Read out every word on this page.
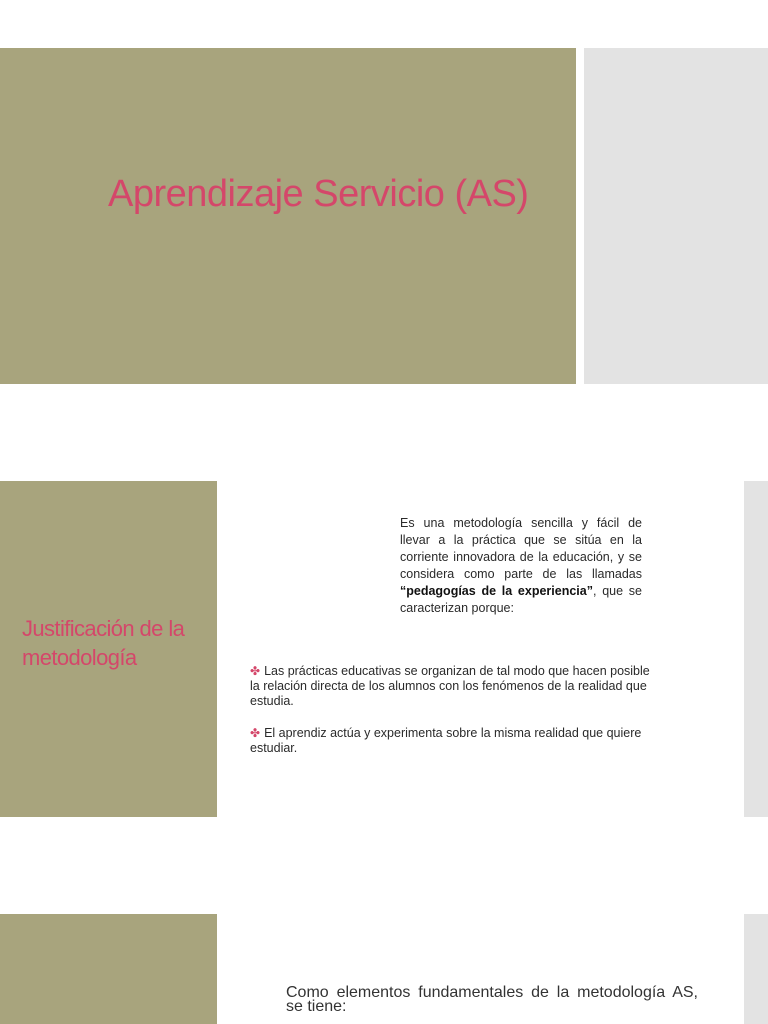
Aprendizaje Servicio (AS)
Justificación de la metodología
Es una metodología sencilla y fácil de llevar a la práctica que se sitúa en la corriente innovadora de la educación, y se considera como parte de las llamadas “pedagogías de la experiencia”, que se caracterizan porque:
✤ Las prácticas educativas se organizan de tal modo que hacen posible la relación directa de los alumnos con los fenómenos de la realidad que estudia.
✤ El aprendiz actúa y experimenta sobre la misma realidad que quiere estudiar.
Como elementos fundamentales de la metodología AS, se tiene:
